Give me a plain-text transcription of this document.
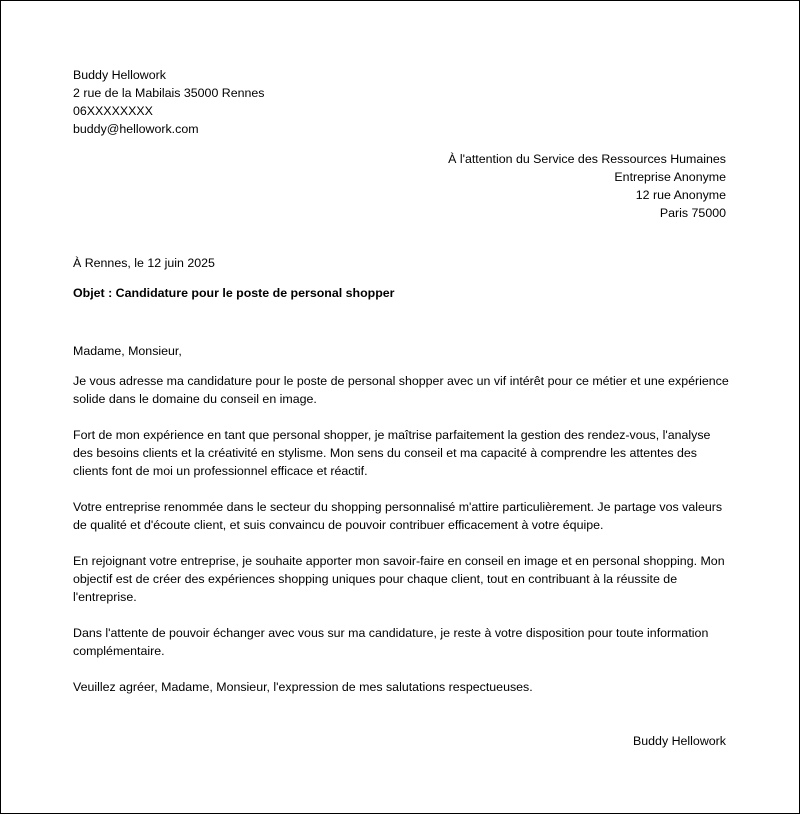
Buddy Hellowork
2 rue de la Mabilais 35000 Rennes
06XXXXXXXX
buddy@hellowork.com
À l'attention du Service des Ressources Humaines
Entreprise Anonyme
12 rue Anonyme
Paris 75000
À Rennes, le 12 juin 2025
Objet : Candidature pour le poste de personal shopper
Madame, Monsieur,

Je vous adresse ma candidature pour le poste de personal shopper avec un vif intérêt pour ce métier et une expérience solide dans le domaine du conseil en image.

Fort de mon expérience en tant que personal shopper, je maîtrise parfaitement la gestion des rendez-vous, l'analyse des besoins clients et la créativité en stylisme. Mon sens du conseil et ma capacité à comprendre les attentes des clients font de moi un professionnel efficace et réactif.

Votre entreprise renommée dans le secteur du shopping personnalisé m'attire particulièrement. Je partage vos valeurs de qualité et d'écoute client, et suis convaincu de pouvoir contribuer efficacement à votre équipe.

En rejoignant votre entreprise, je souhaite apporter mon savoir-faire en conseil en image et en personal shopping. Mon objectif est de créer des expériences shopping uniques pour chaque client, tout en contribuant à la réussite de l'entreprise.

Dans l'attente de pouvoir échanger avec vous sur ma candidature, je reste à votre disposition pour toute information complémentaire.

Veuillez agréer, Madame, Monsieur, l'expression de mes salutations respectueuses.

Buddy Hellowork
